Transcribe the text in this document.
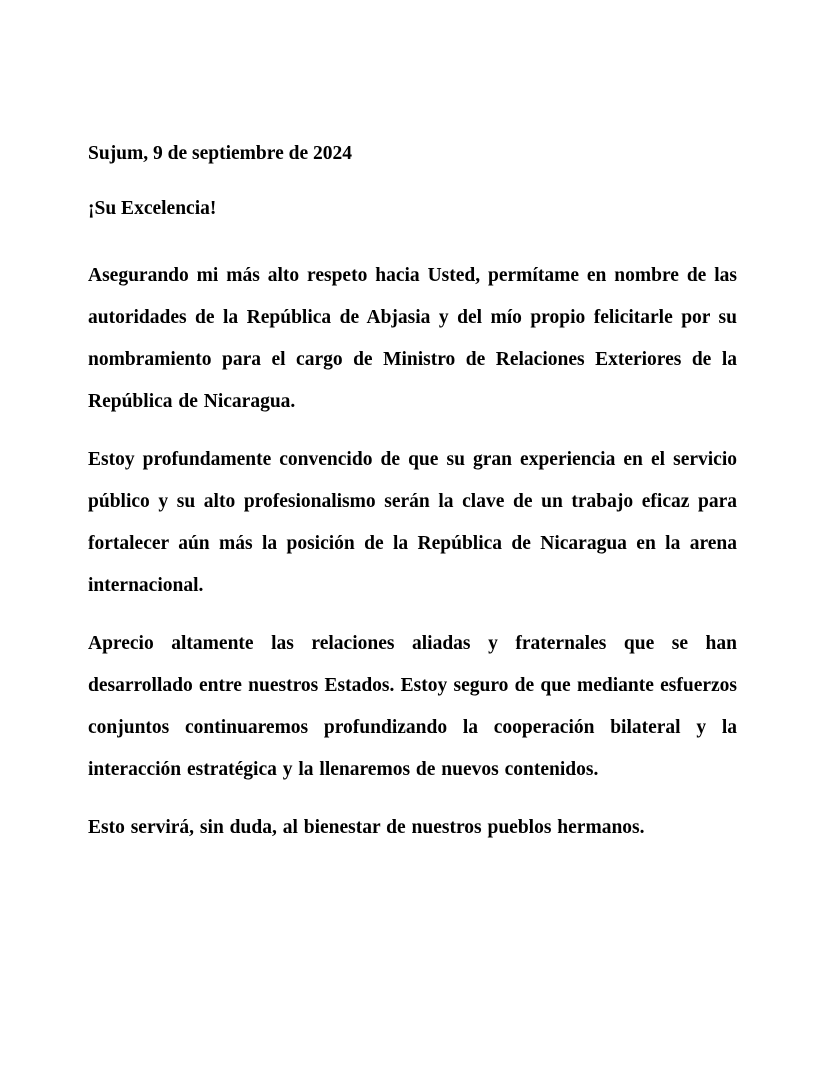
Sujum, 9 de septiembre de 2024

¡Su Excelencia!

Asegurando mi más alto respeto hacia Usted, permítame en nombre de las autoridades de la República de Abjasia y del mío propio felicitarle por su nombramiento para el cargo de Ministro de Relaciones Exteriores de la República de Nicaragua.

Estoy profundamente convencido de que su gran experiencia en el servicio público y su alto profesionalismo serán la clave de un trabajo eficaz para fortalecer aún más la posición de la República de Nicaragua en la arena internacional.

Aprecio altamente las relaciones aliadas y fraternales que se han desarrollado entre nuestros Estados. Estoy seguro de que mediante esfuerzos conjuntos continuaremos profundizando la cooperación bilateral y la interacción estratégica y la llenaremos de nuevos contenidos.

Esto servirá, sin duda, al bienestar de nuestros pueblos hermanos.
